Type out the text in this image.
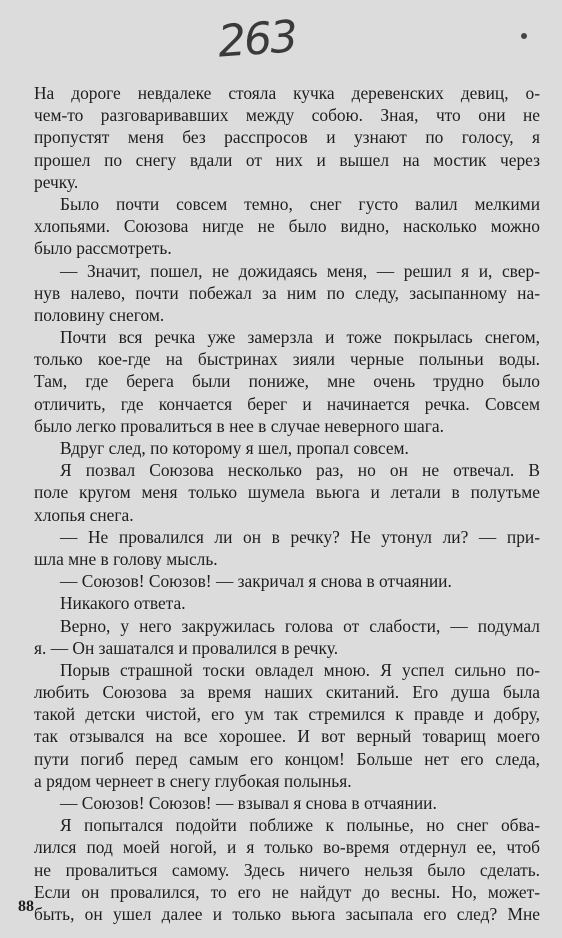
263
На дороге невдалеке стояла кучка деревенских девиц, о-
чем-то разговаривавших между собою. Зная, что они не
пропустят меня без расспросов и узнают по голосу, я
прошел по снегу вдали от них и вышел на мостик через
речку.
Было почти совсем темно, снег густо валил мелкими
хлопьями. Союзова нигде не было видно, насколько можно
было рассмотреть.
— Значит, пошел, не дожидаясь меня, — решил я и, свер-
нув налево, почти побежал за ним по следу, засыпанному на-
половину снегом.
Почти вся речка уже замерзла и тоже покрылась снегом,
только кое-где на быстринах зияли черные полыньи воды.
Там, где берега были пониже, мне очень трудно было
отличить, где кончается берег и начинается речка. Совсем
было легко провалиться в нее в случае неверного шага.
Вдруг след, по которому я шел, пропал совсем.
Я позвал Союзова несколько раз, но он не отвечал. В
поле кругом меня только шумела вьюга и летали в полутьме
хлопья снега.
— Не провалился ли он в речку? Не утонул ли? — при-
шла мне в голову мысль.
— Союзов! Союзов! — закричал я снова в отчаянии.
Никакого ответа.
Верно, у него закружилась голова от слабости, — подумал
я. — Он зашатался и провалился в речку.
Порыв страшной тоски овладел мною. Я успел сильно по-
любить Союзова за время наших скитаний. Его душа была
такой детски чистой, его ум так стремился к правде и добру,
так отзывался на все хорошее. И вот верный товарищ моего
пути погиб перед самым его концом! Больше нет его следа,
а рядом чернеет в снегу глубокая полынья.
— Союзов! Союзов! — взывал я снова в отчаянии.
Я попытался подойти поближе к полынье, но снег обва-
лился под моей ногой, и я только во-время отдернул ее, чтоб
не провалиться самому. Здесь ничего нельзя было сделать.
Если он провалился, то его не найдут до весны. Но, может-
быть, он ушел далее и только вьюга засыпала его след? Мне
88
